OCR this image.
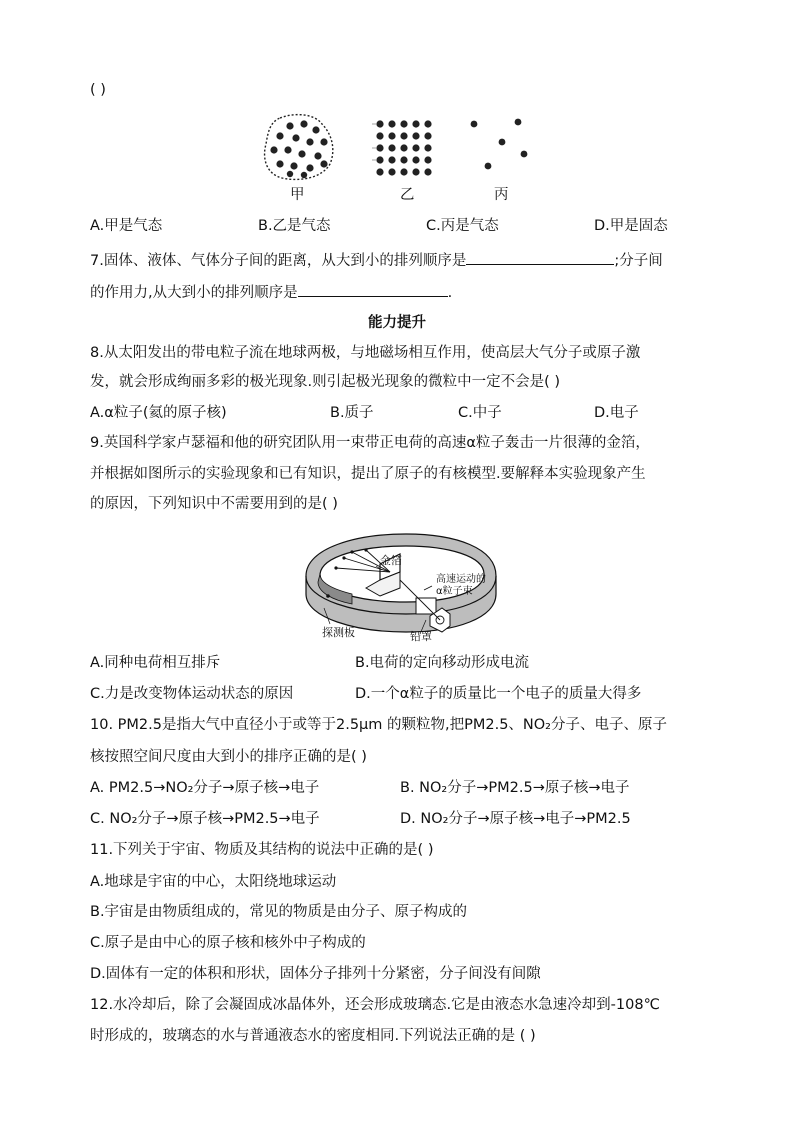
( )
甲	乙	丙
A.甲是气态	B.乙是气态	C.丙是气态	D.甲是固态
7.固体、液体、气体分子间的距离，从大到小的排列顺序是	;分子间
的作用力,从大到小的排列顺序是	.
能力提升
8.从太阳发出的带电粒子流在地球两极，与地磁场相互作用，使高层大气分子或原子激
发，就会形成绚丽多彩的极光现象.则引起极光现象的微粒中一定不会是( )
A.α粒子(氦的原子核)	B.质子	C.中子	D.电子
9.英国科学家卢瑟福和他的研究团队用一束带正电荷的高速α粒子轰击一片很薄的金箔，
并根据如图所示的实验现象和已有知识，提出了原子的有核模型.要解释本实验现象产生
的原因，下列知识中不需要用到的是( )
金箔
高速运动的
α粒子束
探测板	铅罩
A.同种电荷相互排斥	B.电荷的定向移动形成电流
C.力是改变物体运动状态的原因	D.一个α粒子的质量比一个电子的质量大得多
10. PM2.5是指大气中直径小于或等于2.5μm 的颗粒物,把PM2.5、NO₂分子、电子、原子
核按照空间尺度由大到小的排序正确的是( )
A. PM2.5→NO₂分子→原子核→电子	B. NO₂分子→PM2.5→原子核→电子
C. NO₂分子→原子核→PM2.5→电子	D. NO₂分子→原子核→电子→PM2.5
11.下列关于宇宙、物质及其结构的说法中正确的是( )
A.地球是宇宙的中心，太阳绕地球运动
B.宇宙是由物质组成的，常见的物质是由分子、原子构成的
C.原子是由中心的原子核和核外中子构成的
D.固体有一定的体积和形状，固体分子排列十分紧密，分子间没有间隙
12.水冷却后，除了会凝固成冰晶体外，还会形成玻璃态.它是由液态水急速冷却到-108℃
时形成的，玻璃态的水与普通液态水的密度相同.下列说法正确的是 ( )
